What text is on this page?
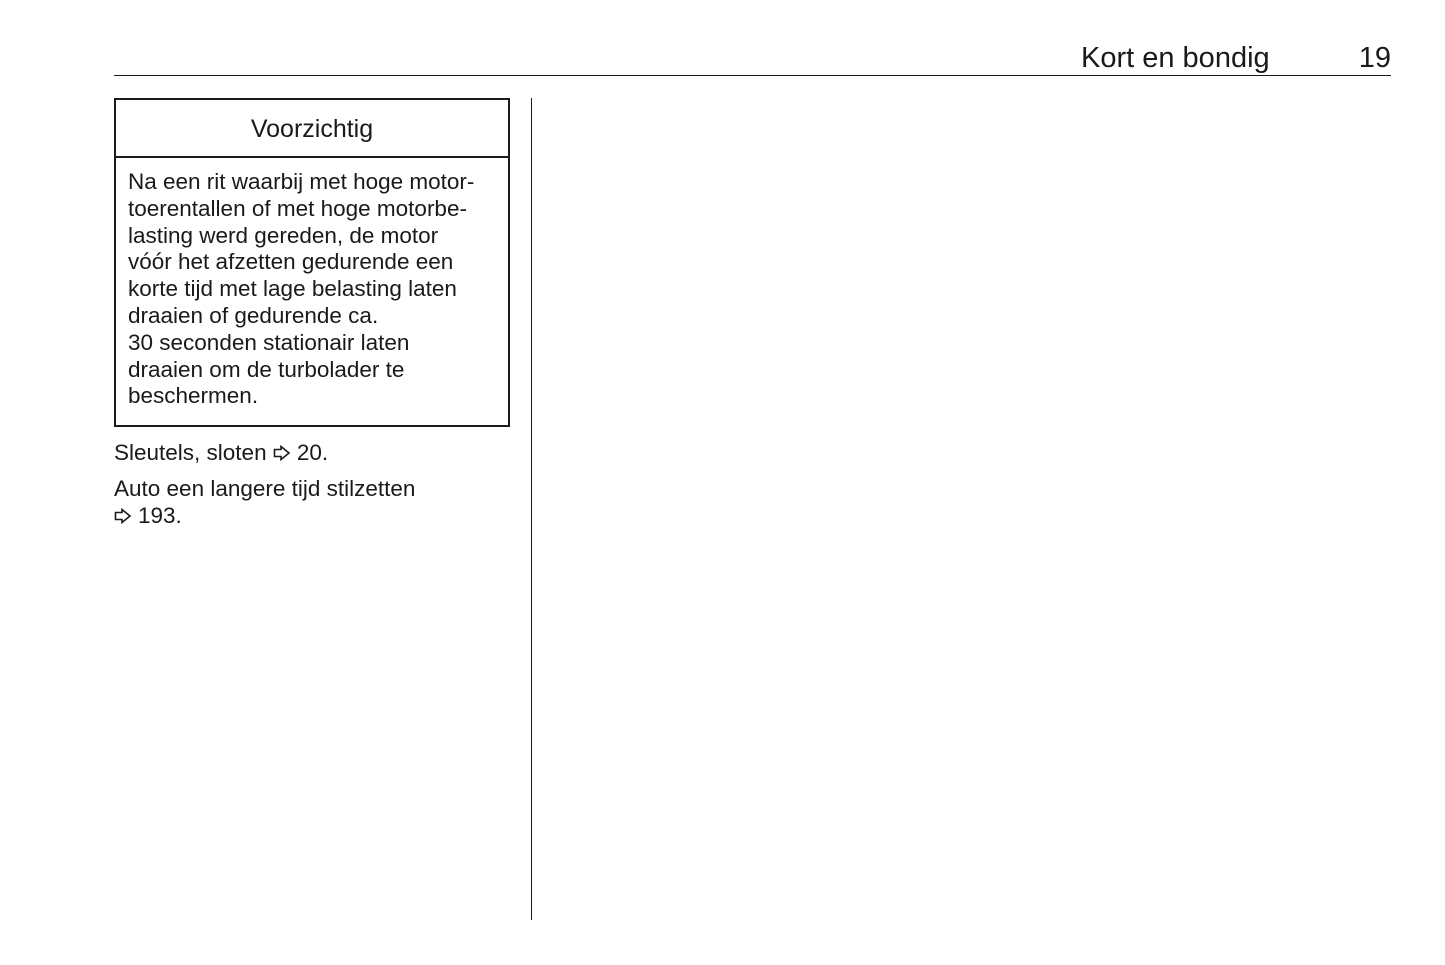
Kort en bondig	19
Voorzichtig
Na een rit waarbij met hoge motor-
toerentallen of met hoge motorbe-
lasting werd gereden, de motor
vóór het afzetten gedurende een
korte tijd met lage belasting laten
draaien of gedurende ca.
30 seconden stationair laten
draaien om de turbolader te
beschermen.
Sleutels, sloten 20.
Auto een langere tijd stilzetten
193.
